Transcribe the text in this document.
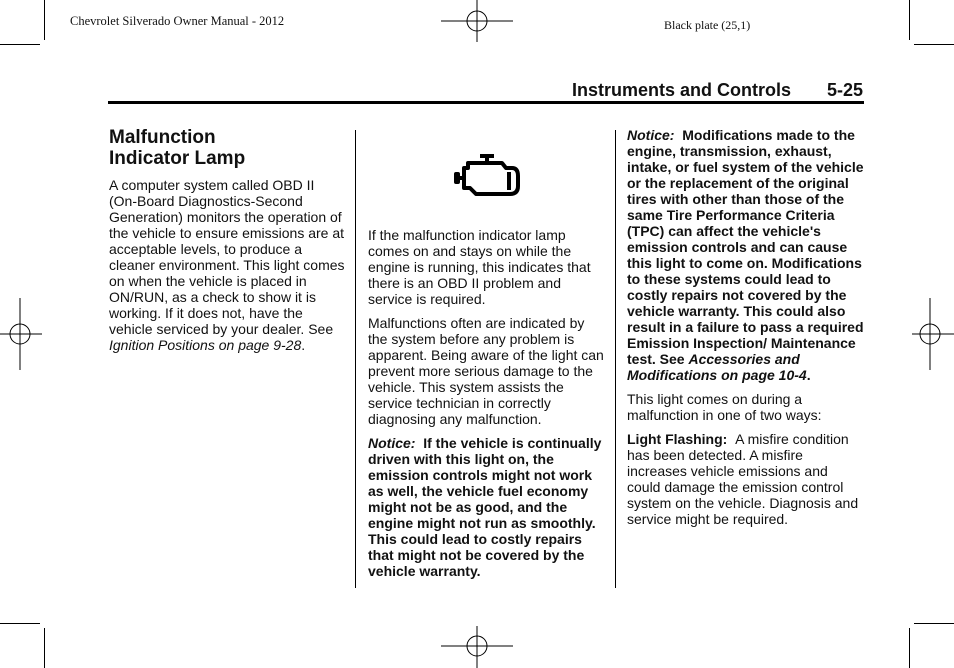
Chevrolet Silverado Owner Manual - 2012	Black plate (25,1)
Instruments and Controls 5-25
Malfunction
Indicator Lamp

A computer system called OBD II (On-Board Diagnostics-Second Generation) monitors the operation of the vehicle to ensure emissions are at acceptable levels, to produce a cleaner environment. This light comes on when the vehicle is placed in ON/RUN, as a check to show it is working. If it does not, have the vehicle serviced by your dealer. See Ignition Positions on page 9-28.

If the malfunction indicator lamp comes on and stays on while the engine is running, this indicates that there is an OBD II problem and service is required.

Malfunctions often are indicated by the system before any problem is apparent. Being aware of the light can prevent more serious damage to the vehicle. This system assists the service technician in correctly diagnosing any malfunction.

Notice: If the vehicle is continually driven with this light on, the emission controls might not work as well, the vehicle fuel economy might not be as good, and the engine might not run as smoothly. This could lead to costly repairs that might not be covered by the vehicle warranty.

Notice: Modifications made to the engine, transmission, exhaust, intake, or fuel system of the vehicle or the replacement of the original tires with other than those of the same Tire Performance Criteria (TPC) can affect the vehicle's emission controls and can cause this light to come on. Modifications to these systems could lead to costly repairs not covered by the vehicle warranty. This could also result in a failure to pass a required Emission Inspection/ Maintenance test. See Accessories and Modifications on page 10-4.

This light comes on during a malfunction in one of two ways:

Light Flashing: A misfire condition has been detected. A misfire increases vehicle emissions and could damage the emission control system on the vehicle. Diagnosis and service might be required.
